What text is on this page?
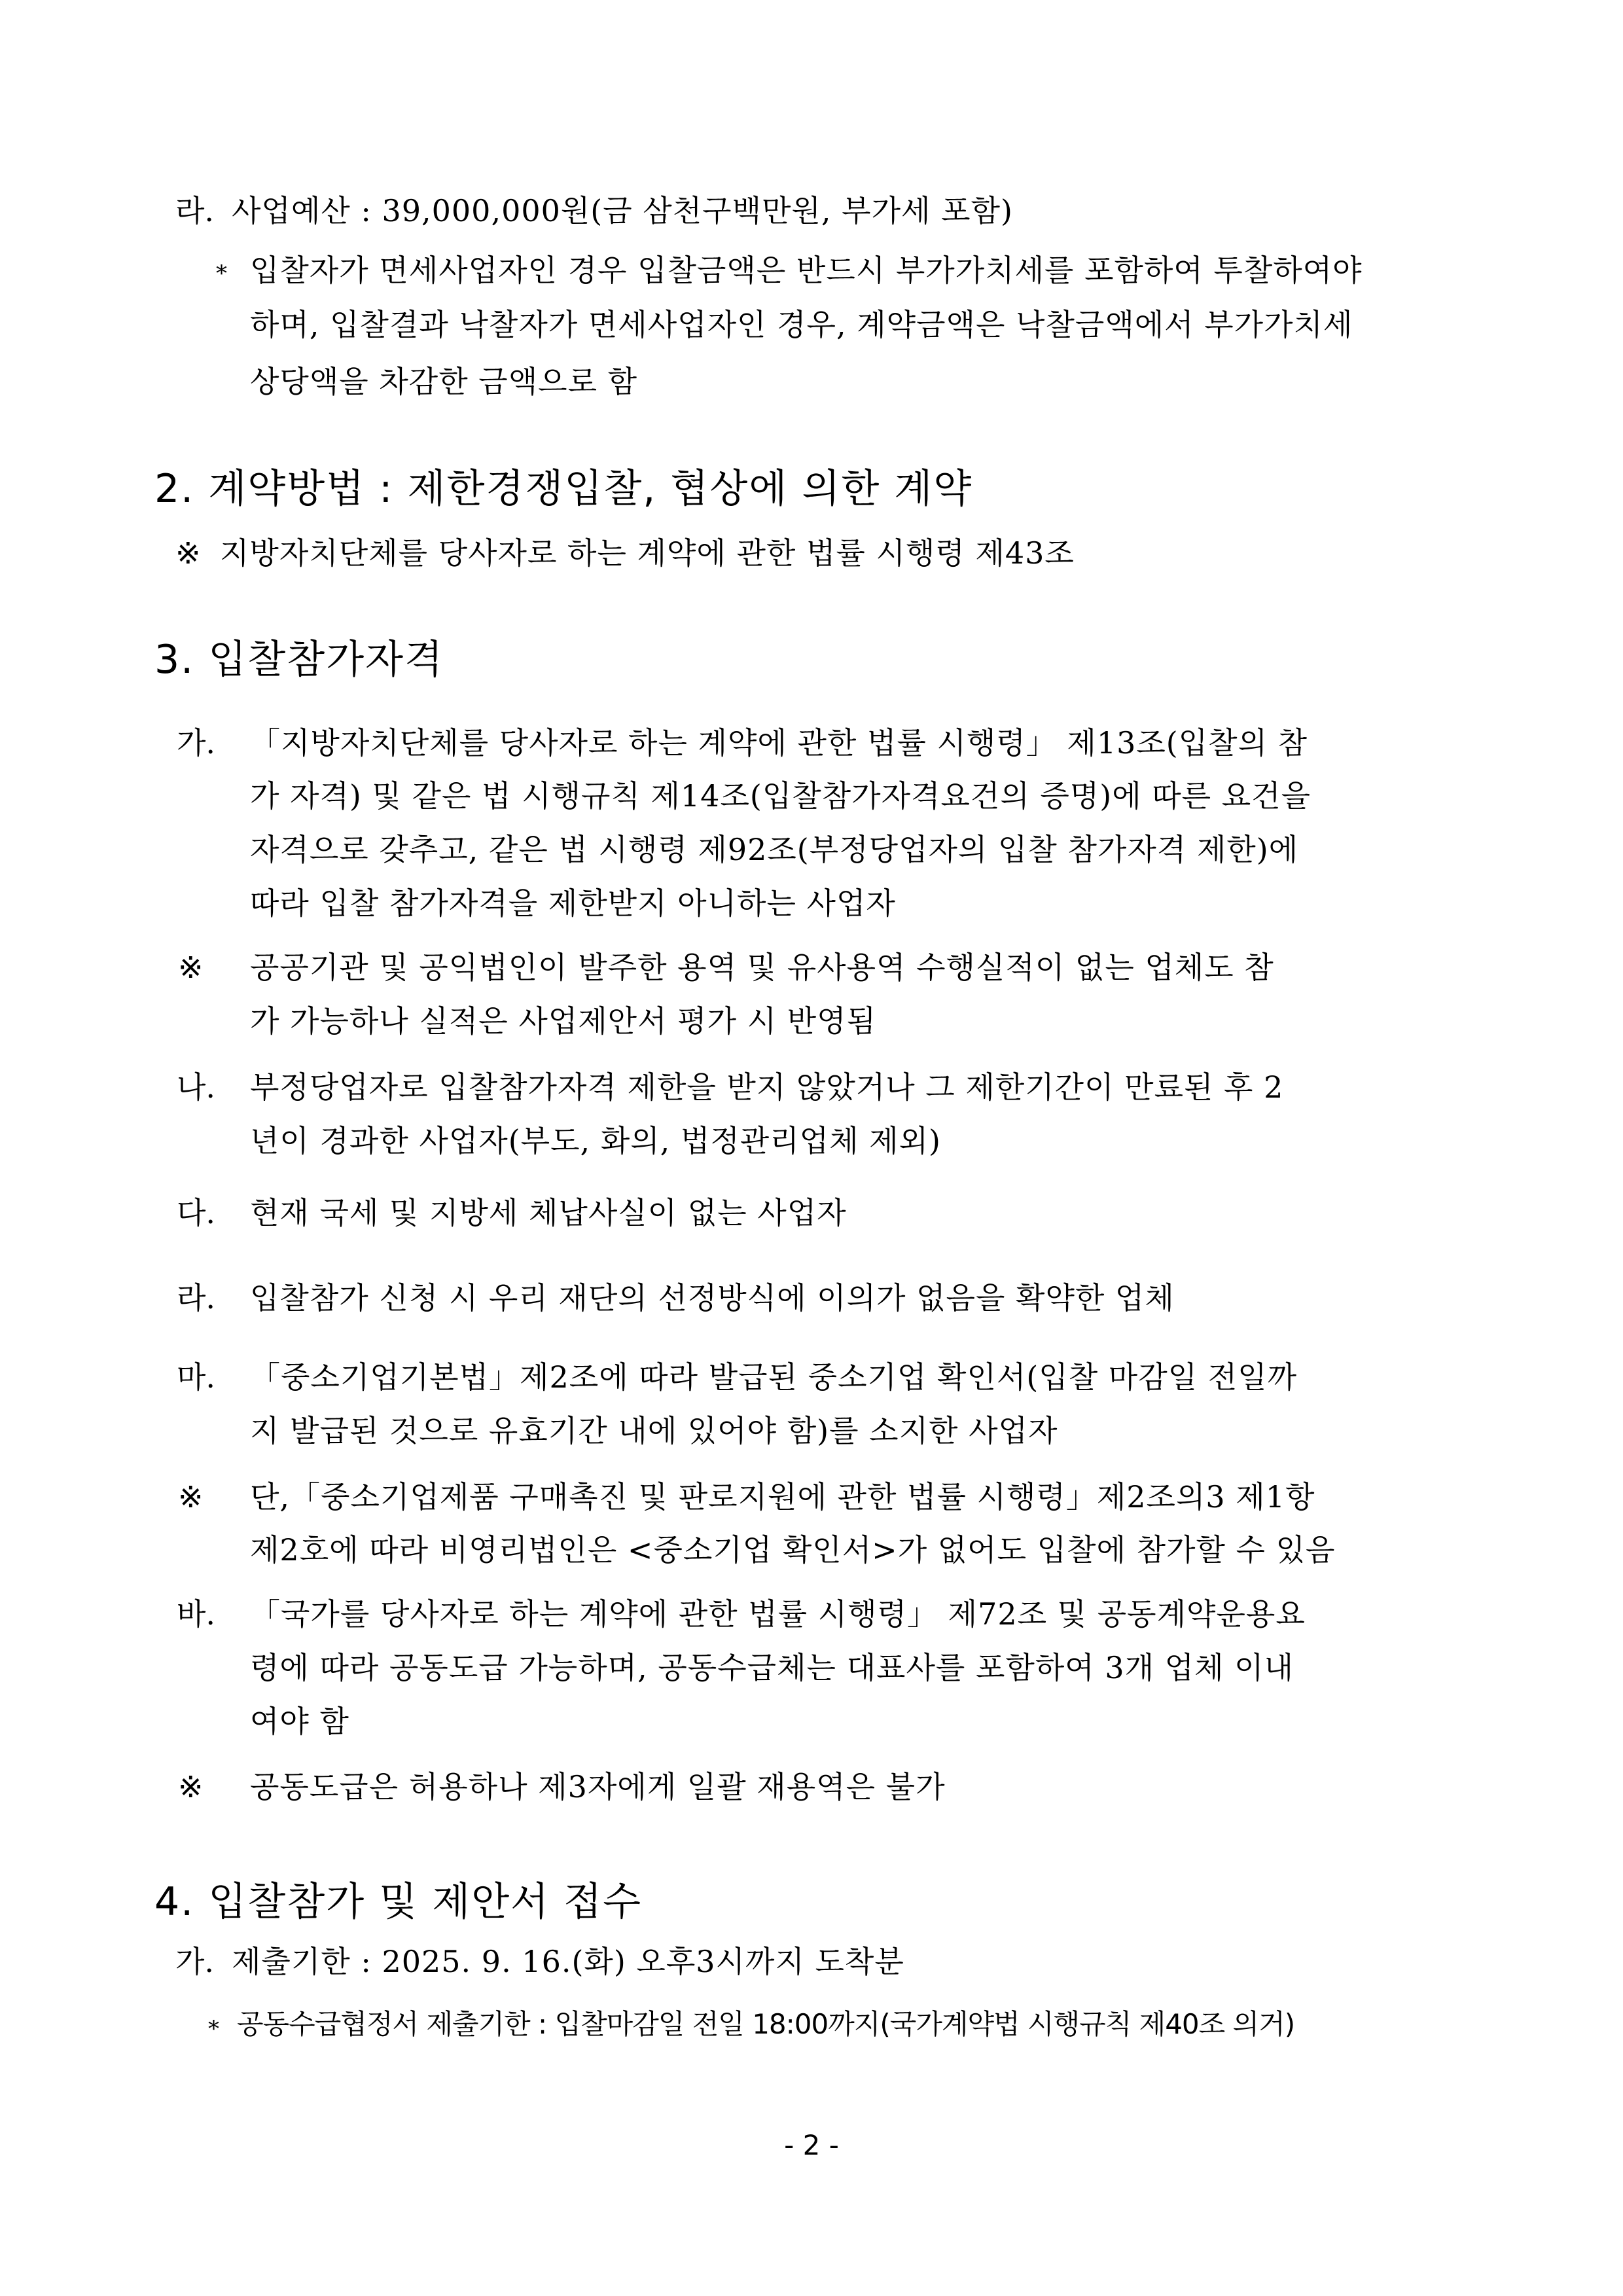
라. 사업예산 : 39,000,000원(금 삼천구백만원, 부가세 포함)
* 입찰자가 면세사업자인 경우 입찰금액은 반드시 부가가치세를 포함하여 투찰하여야
하며, 입찰결과 낙찰자가 면세사업자인 경우, 계약금액은 낙찰금액에서 부가가치세
상당액을 차감한 금액으로 함
2. 계약방법 : 제한경쟁입찰, 협상에 의한 계약
※ 지방자치단체를 당사자로 하는 계약에 관한 법률 시행령 제43조
3. 입찰참가자격
가. 「지방자치단체를 당사자로 하는 계약에 관한 법률 시행령」 제13조(입찰의 참
가 자격) 및 같은 법 시행규칙 제14조(입찰참가자격요건의 증명)에 따른 요건을
자격으로 갖추고, 같은 법 시행령 제92조(부정당업자의 입찰 참가자격 제한)에
따라 입찰 참가자격을 제한받지 아니하는 사업자
※ 공공기관 및 공익법인이 발주한 용역 및 유사용역 수행실적이 없는 업체도 참
가 가능하나 실적은 사업제안서 평가 시 반영됨
나. 부정당업자로 입찰참가자격 제한을 받지 않았거나 그 제한기간이 만료된 후 2
년이 경과한 사업자(부도, 화의, 법정관리업체 제외)
다. 현재 국세 및 지방세 체납사실이 없는 사업자
라. 입찰참가 신청 시 우리 재단의 선정방식에 이의가 없음을 확약한 업체
마. 「중소기업기본법」제2조에 따라 발급된 중소기업 확인서(입찰 마감일 전일까
지 발급된 것으로 유효기간 내에 있어야 함)를 소지한 사업자
※ 단,「중소기업제품 구매촉진 및 판로지원에 관한 법률 시행령」제2조의3 제1항
제2호에 따라 비영리법인은 <중소기업 확인서>가 없어도 입찰에 참가할 수 있음
바. 「국가를 당사자로 하는 계약에 관한 법률 시행령」 제72조 및 공동계약운용요
령에 따라 공동도급 가능하며, 공동수급체는 대표사를 포함하여 3개 업체 이내
여야 함
※ 공동도급은 허용하나 제3자에게 일괄 재용역은 불가
4. 입찰참가 및 제안서 접수
가. 제출기한 : 2025. 9. 16.(화) 오후3시까지 도착분
* 공동수급협정서 제출기한 : 입찰마감일 전일 18:00까지(국가계약법 시행규칙 제40조 의거)
- 2 -
